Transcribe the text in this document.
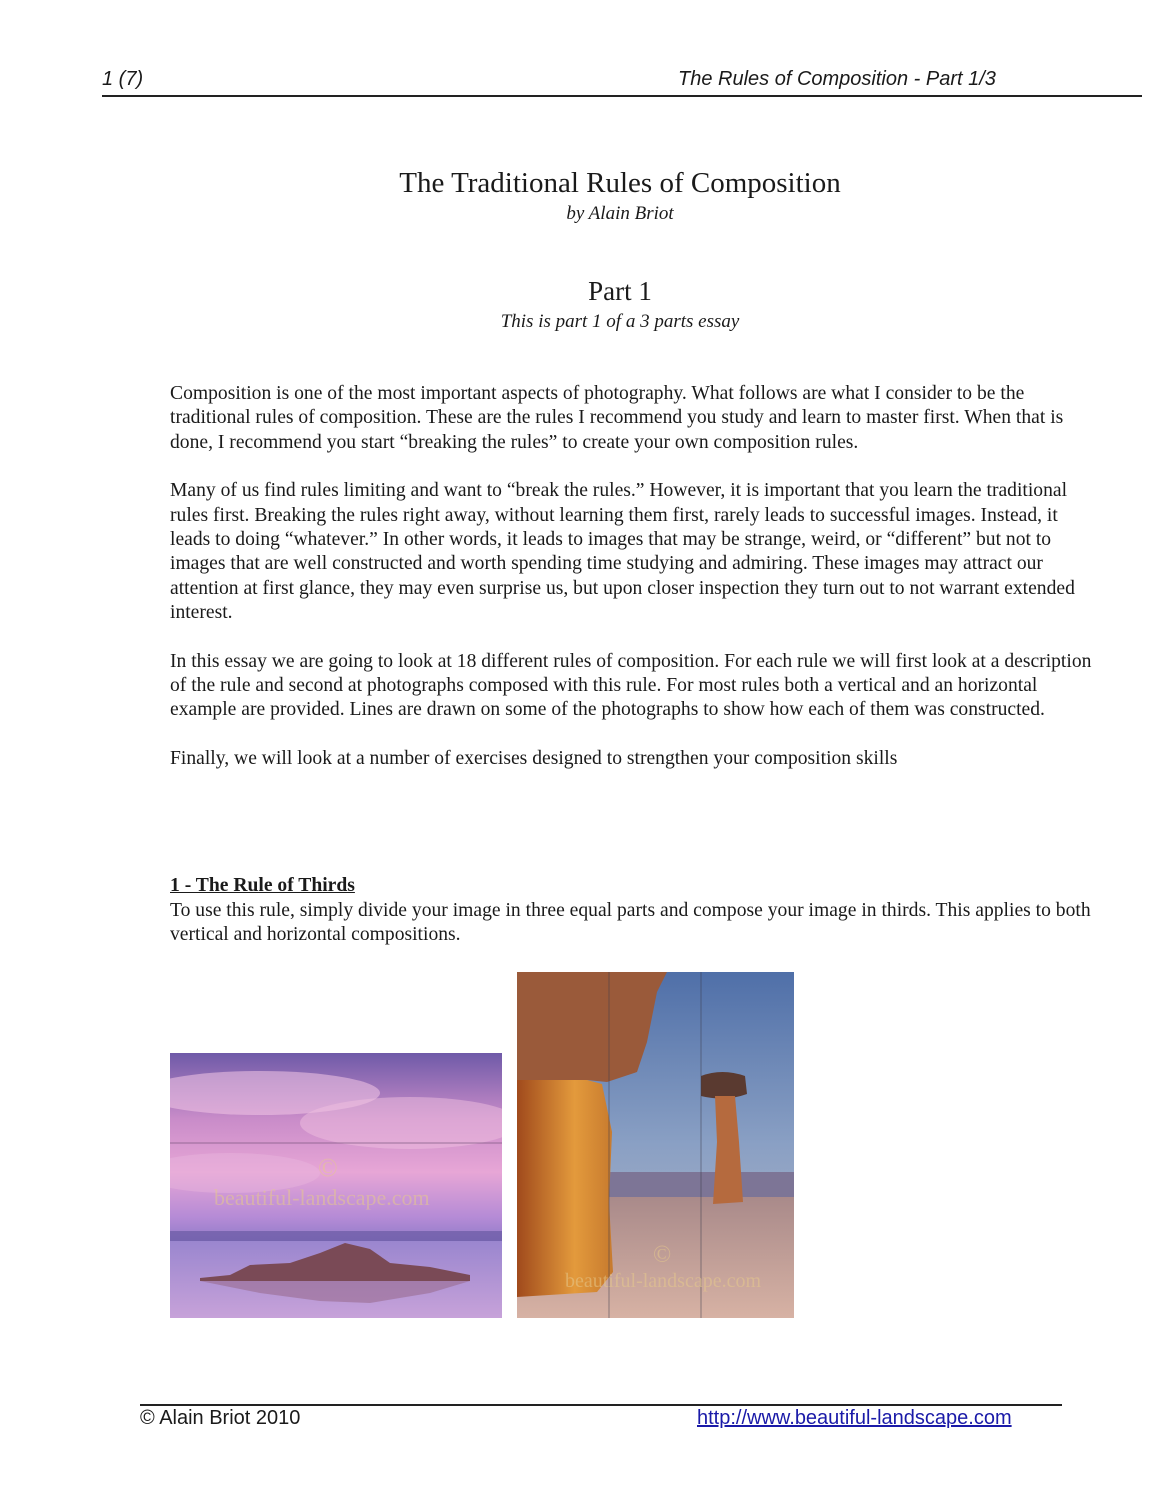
1 (7)	The Rules of Composition - Part 1/3
The Traditional Rules of Composition
by Alain Briot
Part 1
This is part 1 of a 3 parts essay

Composition is one of the most important aspects of photography. What follows are what I consider to be the traditional rules of composition. These are the rules I recommend you study and learn to master first. When that is done, I recommend you start “breaking the rules” to create your own composition rules.

Many of us find rules limiting and want to “break the rules.” However, it is important that you learn the traditional rules first. Breaking the rules right away, without learning them first, rarely leads to successful images. Instead, it leads to doing “whatever.” In other words, it leads to images that may be strange, weird, or “different” but not to images that are well constructed and worth spending time studying and admiring. These images may attract our attention at first glance, they may even surprise us, but upon closer inspection they turn out to not warrant extended interest.

In this essay we are going to look at 18 different rules of composition. For each rule we will first look at a description of the rule and second at photographs composed with this rule. For most rules both a vertical and an horizontal example are provided. Lines are drawn on some of the photographs to show how each of them was constructed.

Finally, we will look at a number of exercises designed to strengthen your composition skills

1 - The Rule of Thirds
To use this rule, simply divide your image in three equal parts and compose your image in thirds. This applies to both vertical and horizontal compositions.
©
beautiful-landscape.com
©
beautiful-landscape.com
© Alain Briot 2010	http://www.beautiful-landscape.com
